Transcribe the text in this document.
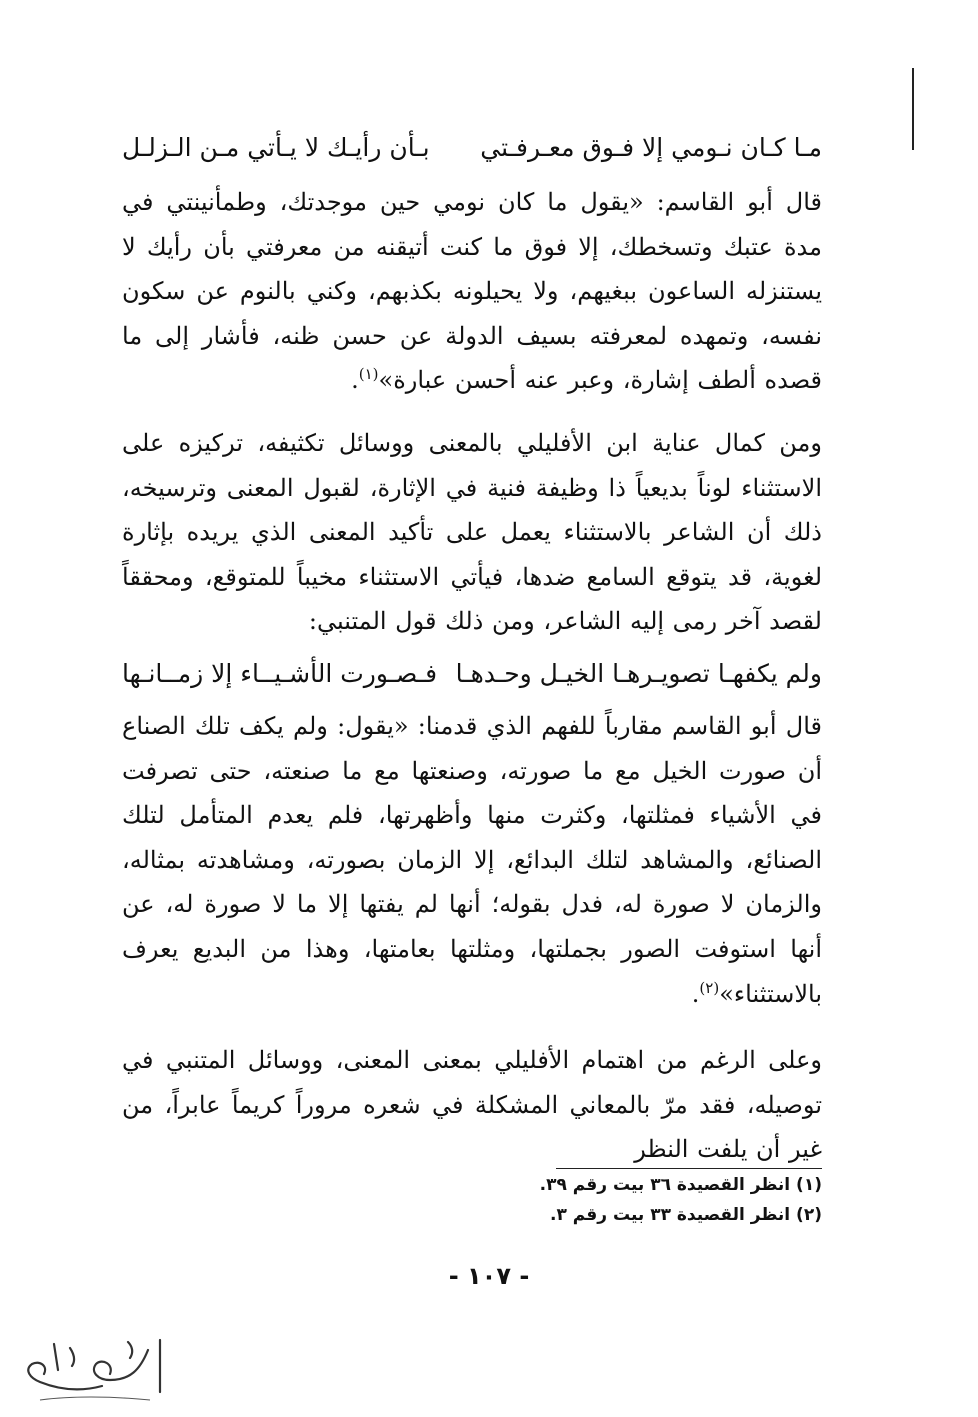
مـا كـان نـومي إلا فـوق معـرفـتي
بـأن رأيـك لا يـأتي مـن الـزلـل

قال أبو القاسم: «يقول ما كان نومي حين موجدتك، وطمأنينتي في مدة عتبك وتسخطك، إلا فوق ما كنت أتيقنه من معرفتي بأن رأيك لا يستنزله الساعون ببغيهم، ولا يحيلونه بكذبهم، وكني بالنوم عن سكون نفسه، وتمهده لمعرفته بسيف الدولة عن حسن ظنه، فأشار إلى ما قصده ألطف إشارة، وعبر عنه أحسن عبارة»$^{(١)}$.

ومن كمال عناية ابن الأفليلي بالمعنى ووسائل تكثيفه، تركيزه على الاستثناء لوناً بديعياً ذا وظيفة فنية في الإثارة، لقبول المعنى وترسيخه، ذلك أن الشاعر بالاستثناء يعمل على تأكيد المعنى الذي يريده بإثارة لغوية، قد يتوقع السامع ضدها، فيأتي الاستثناء مخيباً للمتوقع، ومحققاً لقصد آخر رمى إليه الشاعر، ومن ذلك قول المتنبي:

ولم يكفهـا تصويـرهـا الخيـل وحـدهـا
فـصـورت الأشـيــاء إلا زمــانـها

قال أبو القاسم مقارباً للفهم الذي قدمنا: «يقول: ولم يكف تلك الصناع أن صورت الخيل مع ما صورته، وصنعتها مع ما صنعته، حتى تصرفت في الأشياء فمثلتها، وكثرت منها وأظهرتها، فلم يعدم المتأمل لتلك الصنائع، والمشاهد لتلك البدائع، إلا الزمان بصورته، ومشاهدته بمثاله، والزمان لا صورة له، فدل بقوله؛ أنها لم يفتها إلا ما لا صورة له، عن أنها استوفت الصور بجملتها، ومثلتها بعامتها، وهذا من البديع يعرف بالاستثناء»$^{(٢)}$.

وعلى الرغم من اهتمام الأفليلي بمعنى المعنى، ووسائل المتنبي في توصيله، فقد مرّ بالمعاني المشكلة في شعره مروراً كريماً عابراً، من غير أن يلفت النظر

(١) انظر القصيدة ٣٦ بيت رقم ٣٩.
(٢) انظر القصيدة ٣٣ بيت رقم ٣.
- ١٠٧ -
